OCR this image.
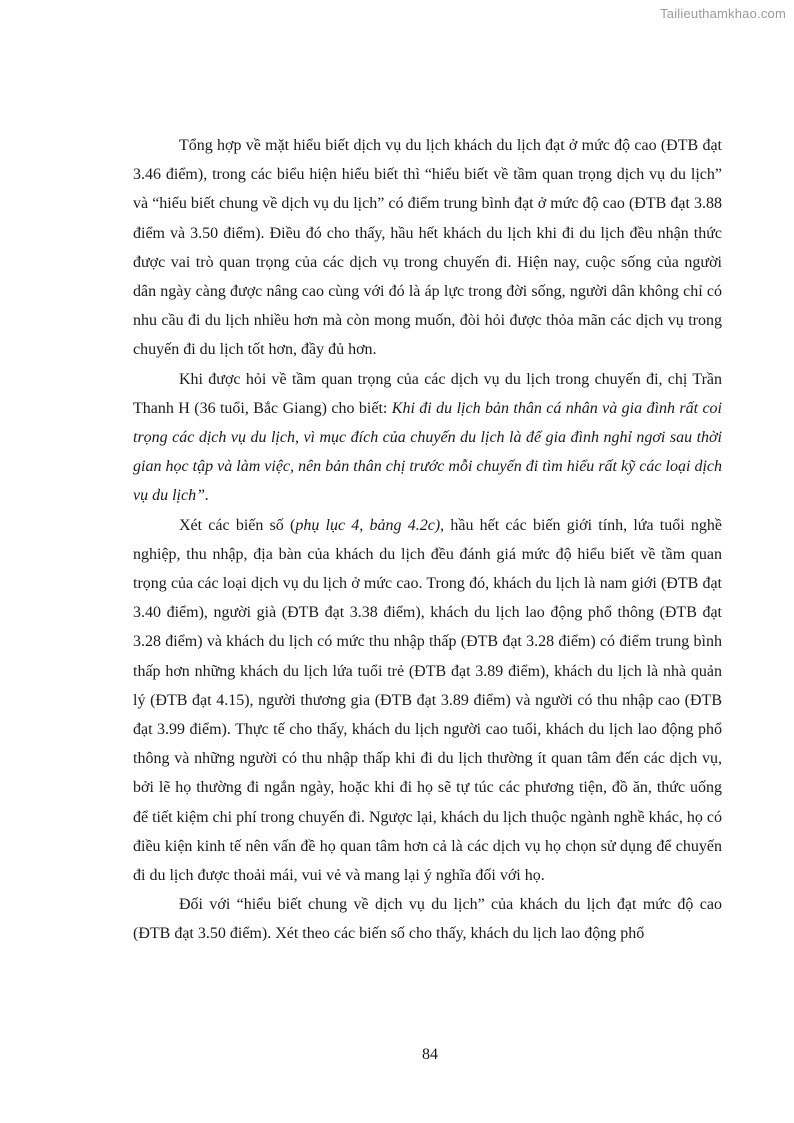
Tailieuthamkhao.com

Tổng hợp về mặt hiểu biết dịch vụ du lịch khách du lịch đạt ở mức độ cao (ĐTB đạt 3.46 điểm), trong các biểu hiện hiểu biết thì “hiểu biết về tầm quan trọng dịch vụ du lịch” và “hiểu biết chung về dịch vụ du lịch” có điểm trung bình đạt ở mức độ cao (ĐTB đạt 3.88 điểm và 3.50 điểm). Điều đó cho thấy, hầu hết khách du lịch khi đi du lịch đều nhận thức được vai trò quan trọng của các dịch vụ trong chuyến đi. Hiện nay, cuộc sống của người dân ngày càng được nâng cao cùng với đó là áp lực trong đời sống, người dân không chỉ có nhu cầu đi du lịch nhiều hơn mà còn mong muốn, đòi hỏi được thỏa mãn các dịch vụ trong chuyến đi du lịch tốt hơn, đầy đủ hơn.

Khi được hỏi về tầm quan trọng của các dịch vụ du lịch trong chuyến đi, chị Trần Thanh H (36 tuổi, Bắc Giang) cho biết: Khi đi du lịch bản thân cá nhân và gia đình rất coi trọng các dịch vụ du lịch, vì mục đích của chuyến du lịch là để gia đình nghỉ ngơi sau thời gian học tập và làm việc, nên bản thân chị trước mỗi chuyến đi tìm hiểu rất kỹ các loại dịch vụ du lịch”.

Xét các biến số (phụ lục 4, bảng 4.2c), hầu hết các biến giới tính, lứa tuổi nghề nghiệp, thu nhập, địa bàn của khách du lịch đều đánh giá mức độ hiểu biết về tầm quan trọng của các loại dịch vụ du lịch ở mức cao. Trong đó, khách du lịch là nam giới (ĐTB đạt 3.40 điểm), người già (ĐTB đạt 3.38 điểm), khách du lịch lao động phổ thông (ĐTB đạt 3.28 điểm) và khách du lịch có mức thu nhập thấp (ĐTB đạt 3.28 điểm) có điểm trung bình thấp hơn những khách du lịch lứa tuổi trẻ (ĐTB đạt 3.89 điểm), khách du lịch là nhà quản lý (ĐTB đạt 4.15), người thương gia (ĐTB đạt 3.89 điểm) và người có thu nhập cao (ĐTB đạt 3.99 điểm). Thực tế cho thấy, khách du lịch người cao tuổi, khách du lịch lao động phổ thông và những người có thu nhập thấp khi đi du lịch thường ít quan tâm đến các dịch vụ, bởi lẽ họ thường đi ngắn ngày, hoặc khi đi họ sẽ tự túc các phương tiện, đồ ăn, thức uống để tiết kiệm chi phí trong chuyến đi. Ngược lại, khách du lịch thuộc ngành nghề khác, họ có điều kiện kinh tế nên vấn đề họ quan tâm hơn cả là các dịch vụ họ chọn sử dụng để chuyến đi du lịch được thoải mái, vui vẻ và mang lại ý nghĩa đối với họ.

Đối với “hiểu biết chung về dịch vụ du lịch” của khách du lịch đạt mức độ cao (ĐTB đạt 3.50 điểm). Xét theo các biến số cho thấy, khách du lịch lao động phổ

84
